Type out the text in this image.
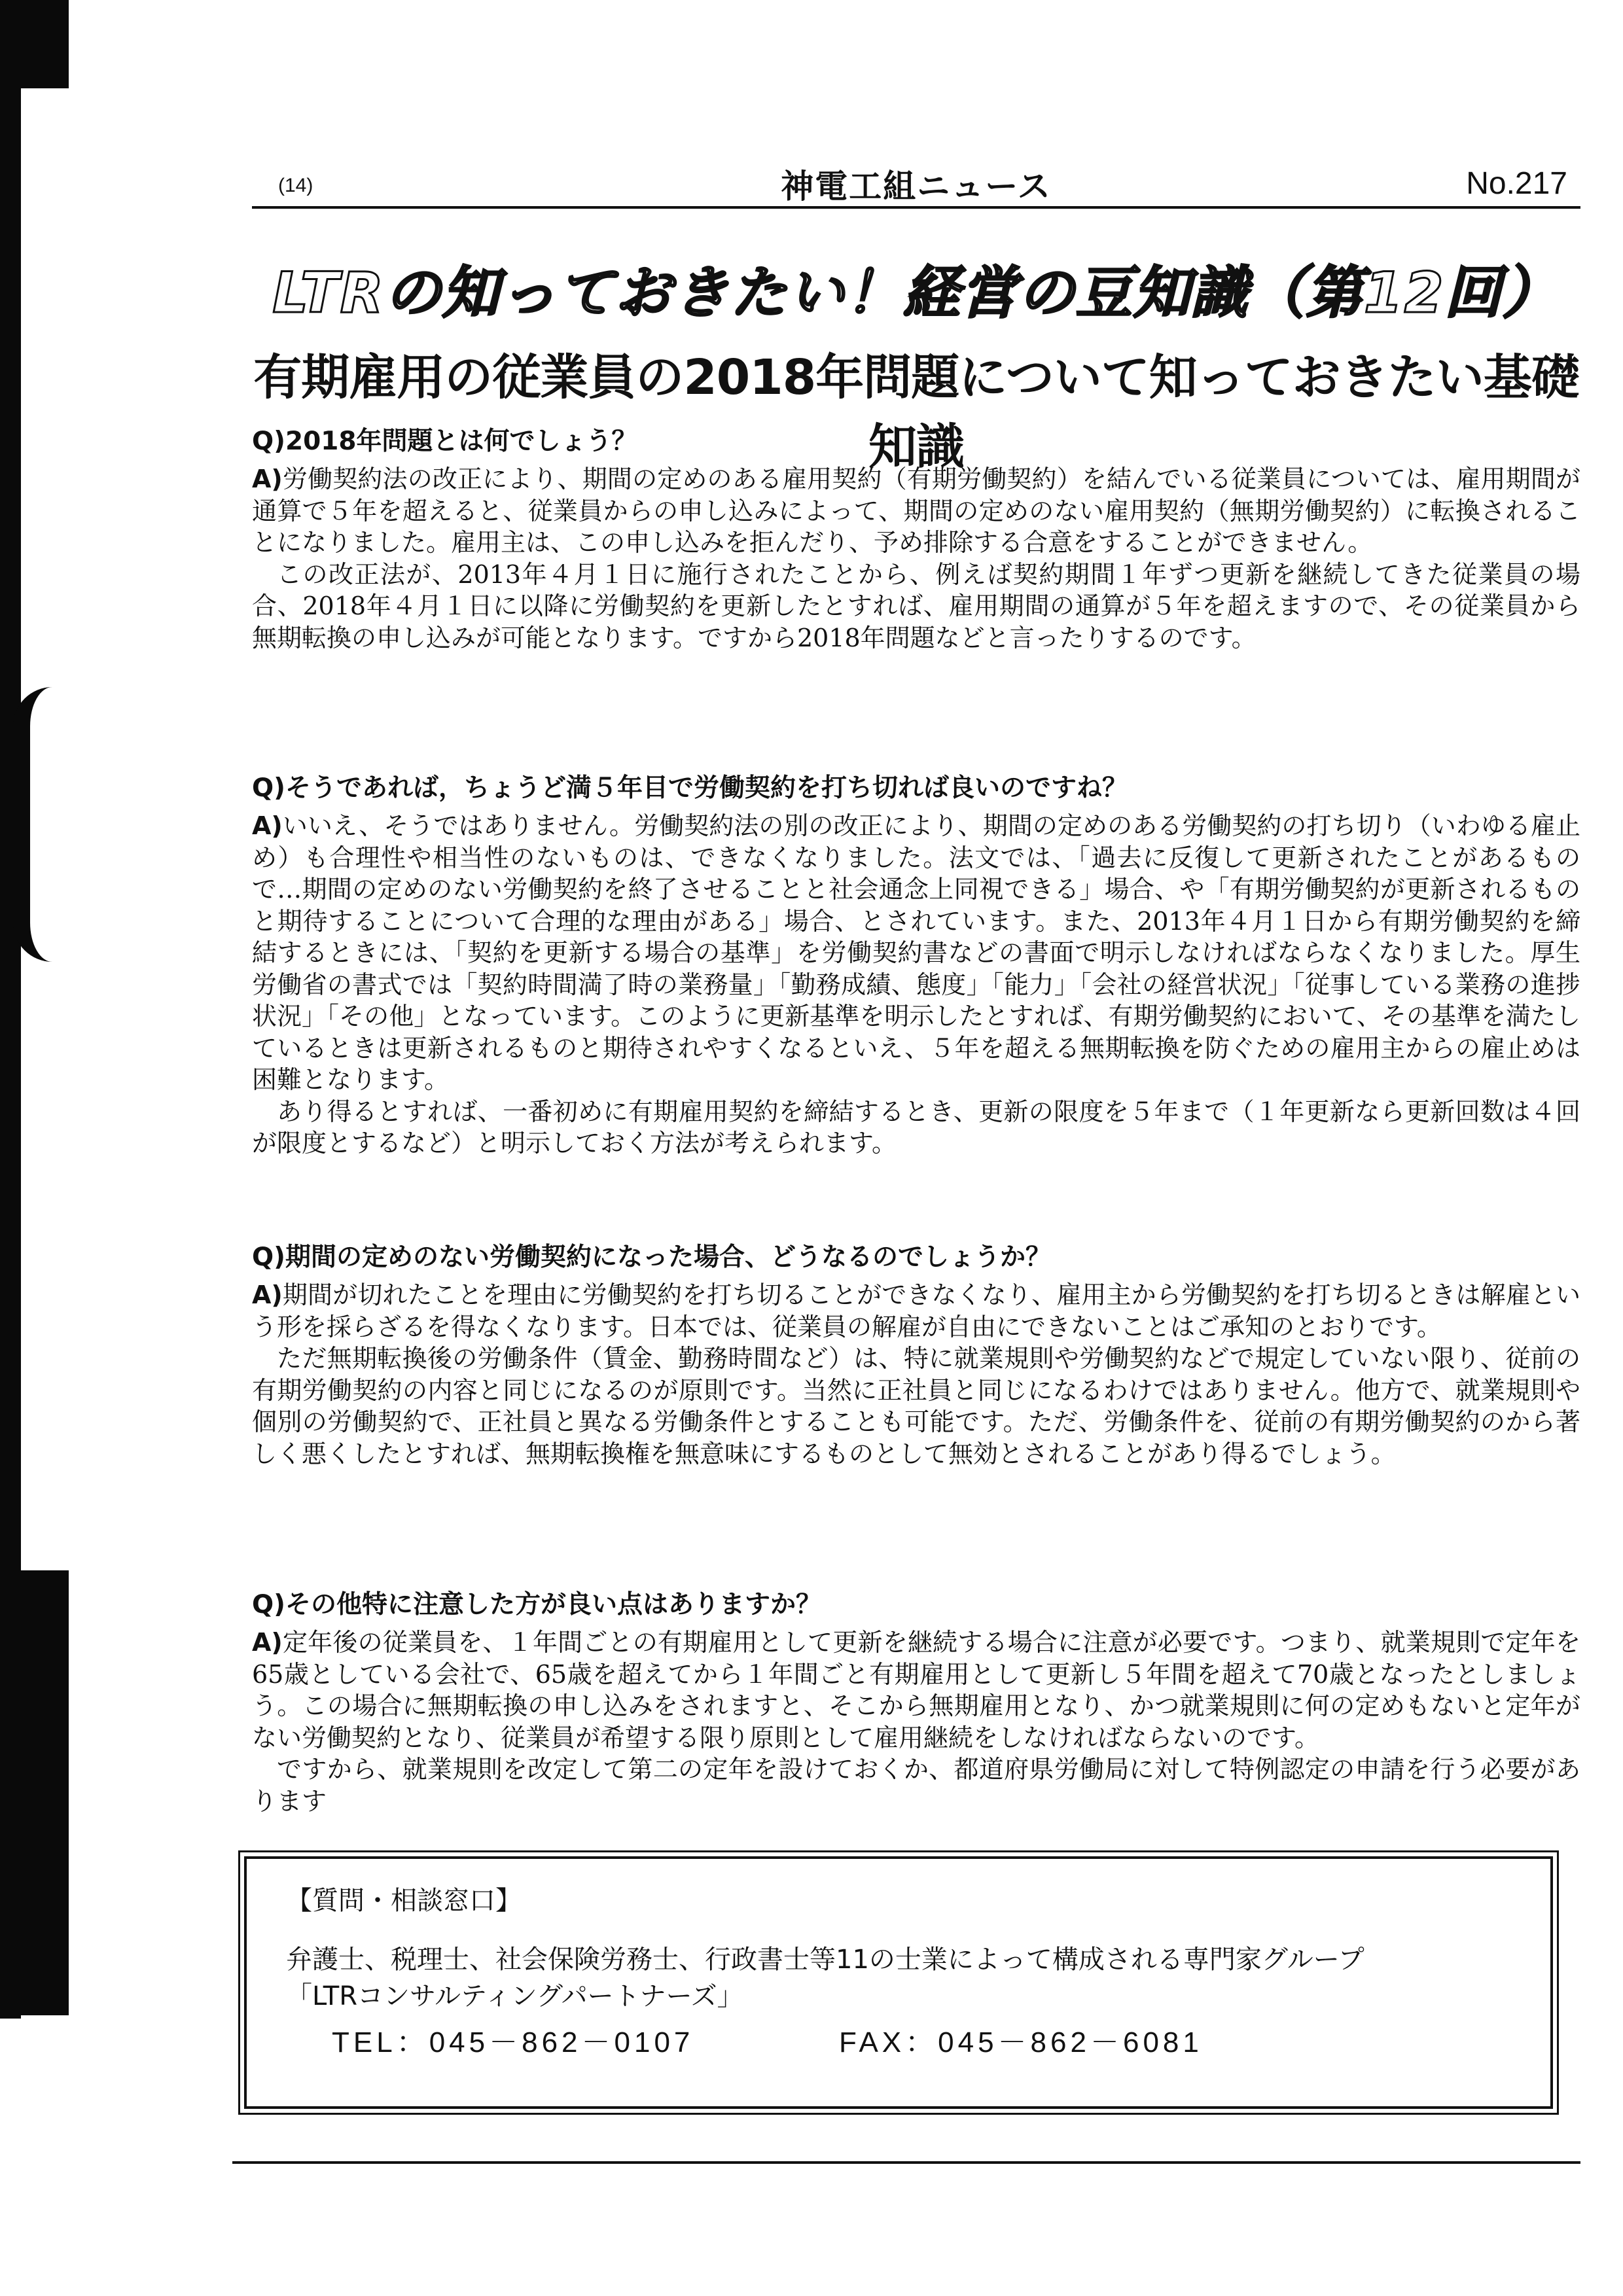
(14)	神電工組ニュース	No.217
LTRの知っておきたい！経営の豆知識（第12回）
有期雇用の従業員の2018年問題について知っておきたい基礎知識
Q)2018年問題とは何でしょう？

A)労働契約法の改正により、期間の定めのある雇用契約（有期労働契約）を結んでいる従業員については、雇用期間が通算で５年を超えると、従業員からの申し込みによって、期間の定めのない雇用契約（無期労働契約）に転換されることになりました。雇用主は、この申し込みを拒んだり、予め排除する合意をすることができません。

この改正法が、2013年４月１日に施行されたことから、例えば契約期間１年ずつ更新を継続してきた従業員の場合、2018年４月１日に以降に労働契約を更新したとすれば、雇用期間の通算が５年を超えますので、その従業員から無期転換の申し込みが可能となります。ですから2018年問題などと言ったりするのです。

Q)そうであれば，ちょうど満５年目で労働契約を打ち切れば良いのですね？

A)いいえ、そうではありません。労働契約法の別の改正により、期間の定めのある労働契約の打ち切り（いわゆる雇止め）も合理性や相当性のないものは、できなくなりました。法文では、「過去に反復して更新されたことがあるもので…期間の定めのない労働契約を終了させることと社会通念上同視できる」場合、や「有期労働契約が更新されるものと期待することについて合理的な理由がある」場合、とされています。また、2013年４月１日から有期労働契約を締結するときには、「契約を更新する場合の基準」を労働契約書などの書面で明示しなければならなくなりました。厚生労働省の書式では「契約時間満了時の業務量」「勤務成績、態度」「能力」「会社の経営状況」「従事している業務の進捗状況」「その他」となっています。このように更新基準を明示したとすれば、有期労働契約において、その基準を満たしているときは更新されるものと期待されやすくなるといえ、５年を超える無期転換を防ぐための雇用主からの雇止めは困難となります。

あり得るとすれば、一番初めに有期雇用契約を締結するとき、更新の限度を５年まで（１年更新なら更新回数は４回が限度とするなど）と明示しておく方法が考えられます。

Q)期間の定めのない労働契約になった場合、どうなるのでしょうか？

A)期間が切れたことを理由に労働契約を打ち切ることができなくなり、雇用主から労働契約を打ち切るときは解雇という形を採らざるを得なくなります。日本では、従業員の解雇が自由にできないことはご承知のとおりです。

ただ無期転換後の労働条件（賃金、勤務時間など）は、特に就業規則や労働契約などで規定していない限り、従前の有期労働契約の内容と同じになるのが原則です。当然に正社員と同じになるわけではありません。他方で、就業規則や個別の労働契約で、正社員と異なる労働条件とすることも可能です。ただ、労働条件を、従前の有期労働契約のから著しく悪くしたとすれば、無期転換権を無意味にするものとして無効とされることがあり得るでしょう。

Q)その他特に注意した方が良い点はありますか？

A)定年後の従業員を、１年間ごとの有期雇用として更新を継続する場合に注意が必要です。つまり、就業規則で定年を65歳としている会社で、65歳を超えてから１年間ごと有期雇用として更新し５年間を超えて70歳となったとしましょう。この場合に無期転換の申し込みをされますと、そこから無期雇用となり、かつ就業規則に何の定めもないと定年がない労働契約となり、従業員が希望する限り原則として雇用継続をしなければならないのです。

ですから、就業規則を改定して第二の定年を設けておくか、都道府県労働局に対して特例認定の申請を行う必要があります

【質問・相談窓口】
弁護士、税理士、社会保険労務士、行政書士等11の士業によって構成される専門家グループ
「LTRコンサルティングパートナーズ」
TEL：045－862－0107	FAX：045－862－6081
